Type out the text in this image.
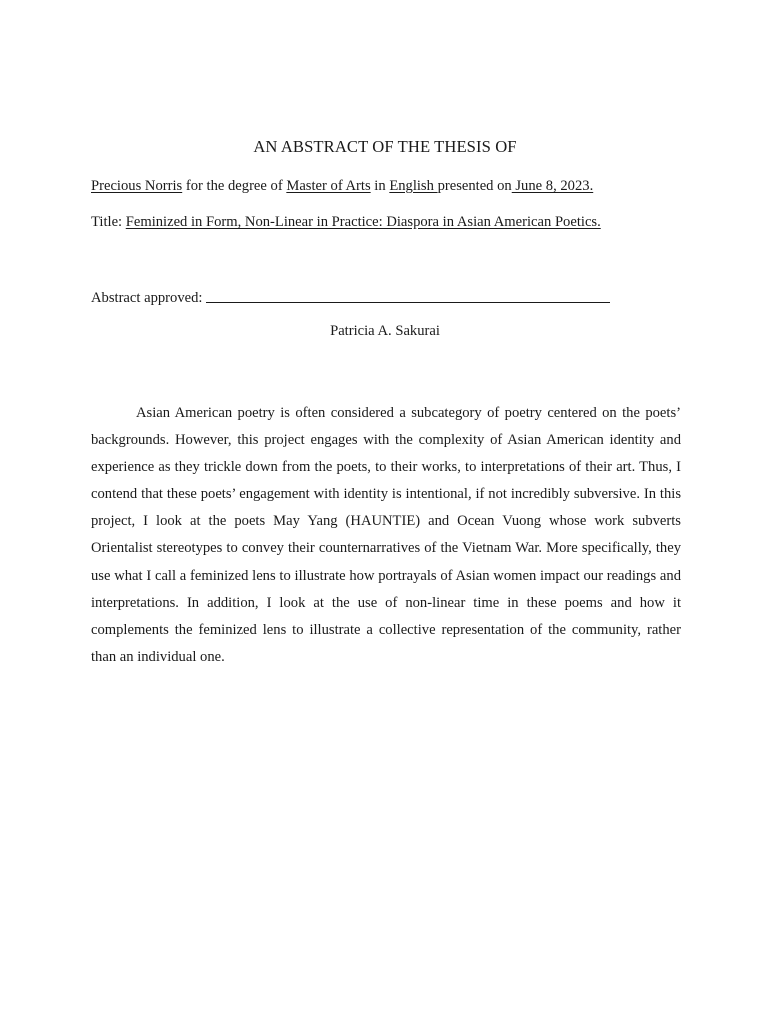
AN ABSTRACT OF THE THESIS OF
Precious Norris for the degree of Master of Arts in English presented on June 8, 2023.
Title: Feminized in Form, Non-Linear in Practice: Diaspora in Asian American Poetics.
Abstract approved:
Patricia A. Sakurai

Asian American poetry is often considered a subcategory of poetry centered on the poets’ backgrounds. However, this project engages with the complexity of Asian American identity and experience as they trickle down from the poets, to their works, to interpretations of their art. Thus, I contend that these poets’ engagement with identity is intentional, if not incredibly subversive. In this project, I look at the poets May Yang (HAUNTIE) and Ocean Vuong whose work subverts Orientalist stereotypes to convey their counternarratives of the Vietnam War. More specifically, they use what I call a feminized lens to illustrate how portrayals of Asian women impact our readings and interpretations. In addition, I look at the use of non-linear time in these poems and how it complements the feminized lens to illustrate a collective representation of the community, rather than an individual one.
